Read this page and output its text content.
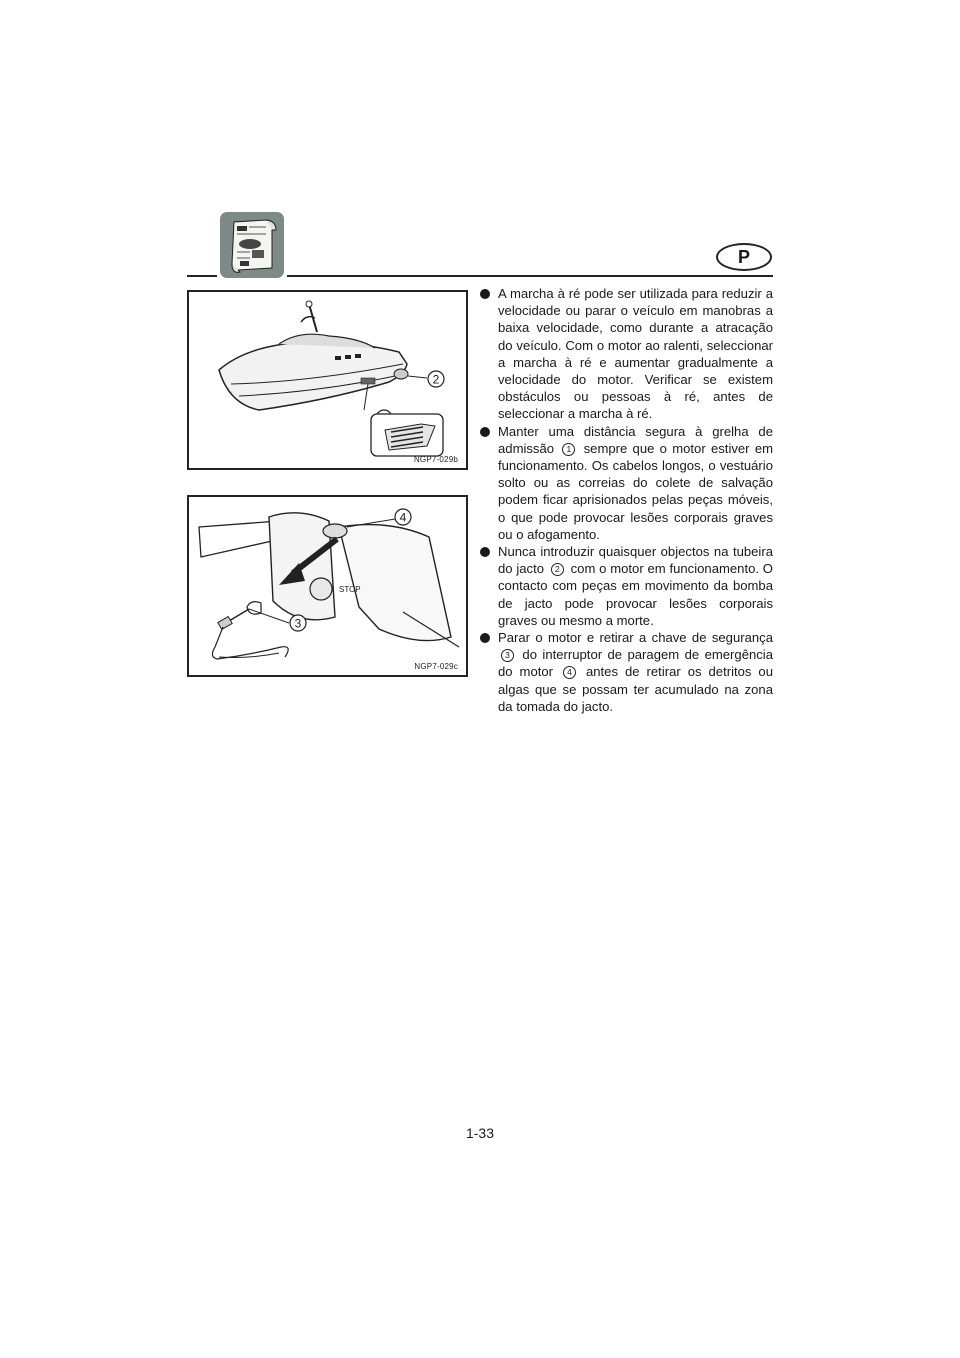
P
2
NGP7-029b
STOP
4
3
NGP7-029c

A marcha à ré pode ser utilizada para reduzir a velocidade ou parar o veículo em manobras a baixa velocidade, como durante a atracação do veículo. Com o motor ao ralenti, seleccionar a marcha à ré e aumentar gradualmente a velocidade do motor. Verificar se existem obstáculos ou pessoas à ré, antes de seleccionar a marcha à ré.

Manter uma distância segura à grelha de admissão 1 sempre que o motor estiver em funcionamento. Os cabelos longos, o vestuário solto ou as correias do colete de salvação podem ficar aprisionados pelas peças móveis, o que pode provocar lesões corporais graves ou o afogamento.

Nunca introduzir quaisquer objectos na tubeira do jacto 2 com o motor em funcionamento. O contacto com peças em movimento da bomba de jacto pode provocar lesões corporais graves ou mesmo a morte.

Parar o motor e retirar a chave de segurança 3 do interruptor de paragem de emergência do motor 4 antes de retirar os detritos ou algas que se possam ter acumulado na zona da tomada do jacto.

1-33
